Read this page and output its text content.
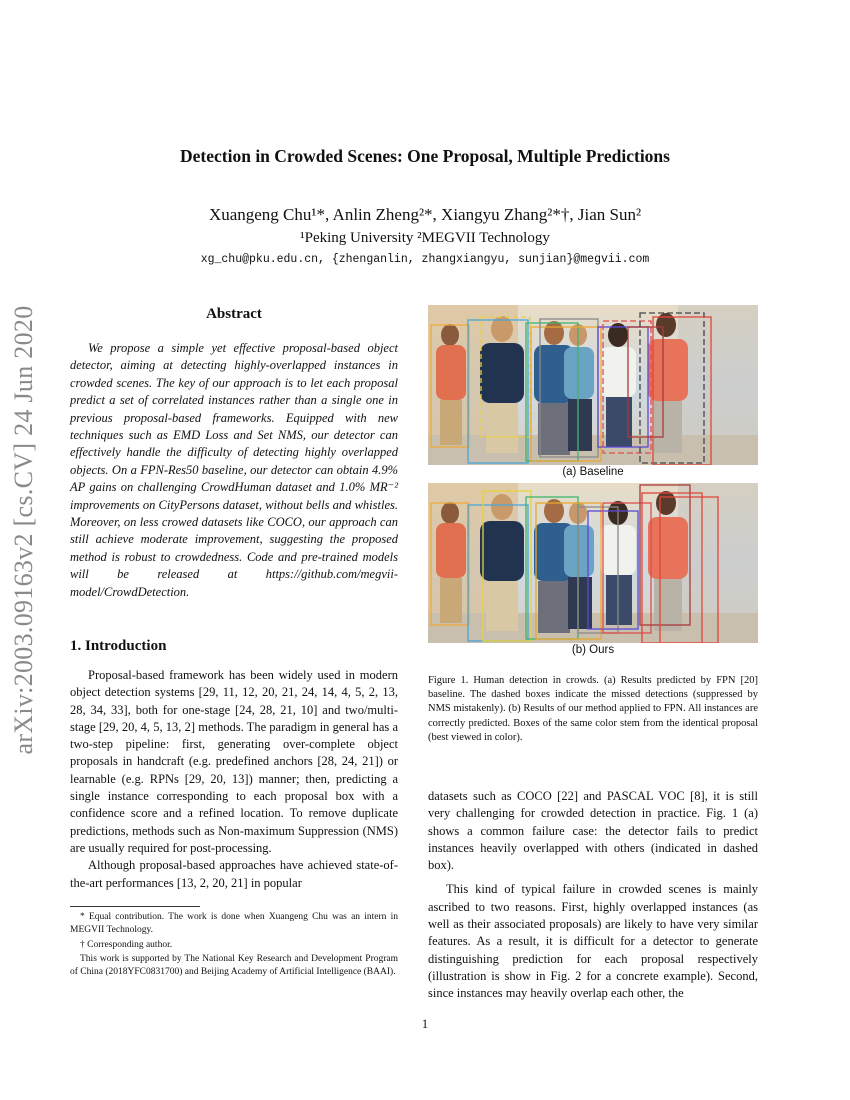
Detection in Crowded Scenes: One Proposal, Multiple Predictions
Xuangeng Chu¹*, Anlin Zheng²*, Xiangyu Zhang²*†, Jian Sun²
¹Peking University ²MEGVII Technology
xg_chu@pku.edu.cn, {zhenganlin, zhangxiangyu, sunjian}@megvii.com
arXiv:2003.09163v2 [cs.CV] 24 Jun 2020	Abstract

We propose a simple yet effective proposal-based object detector, aiming at detecting highly-overlapped instances in crowded scenes. The key of our approach is to let each proposal predict a set of correlated instances rather than a single one in previous proposal-based frameworks. Equipped with new techniques such as EMD Loss and Set NMS, our detector can effectively handle the difficulty of detecting highly overlapped objects. On a FPN-Res50 baseline, our detector can obtain 4.9% AP gains on challenging CrowdHuman dataset and 1.0% MR⁻² improvements on CityPersons dataset, without bells and whistles. Moreover, on less crowed datasets like COCO, our approach can still achieve moderate improvement, suggesting the proposed method is robust to crowdedness. Code and pre-trained models will be released at https://github.com/megvii-model/CrowdDetection.

1. Introduction

Proposal-based framework has been widely used in modern object detection systems [29, 11, 12, 20, 21, 24, 14, 4, 5, 2, 13, 28, 34, 33], both for one-stage [24, 28, 21, 10] and two/multi-stage [29, 20, 4, 5, 13, 2] methods. The paradigm in general has a two-step pipeline: first, generating over-complete object proposals in handcraft (e.g. predefined anchors [28, 24, 21]) or learnable (e.g. RPNs [29, 20, 13]) manner; then, predicting a single instance corresponding to each proposal box with a confidence score and a refined location. To remove duplicate predictions, methods such as Non-maximum Suppression (NMS) are usually required for post-processing.

Although proposal-based approaches have achieved state-of-the-art performances [13, 2, 20, 21] in popular

* Equal contribution. The work is done when Xuangeng Chu was an intern in MEGVII Technology.

† Corresponding author.

This work is supported by The National Key Research and Development Program of China (2018YFC0831700) and Beijing Academy of Artificial Intelligence (BAAI).

(a) Baseline
(b) Ours
Figure 1. Human detection in crowds. (a) Results predicted by FPN [20] baseline. The dashed boxes indicate the missed detections (suppressed by NMS mistakenly). (b) Results of our method applied to FPN. All instances are correctly predicted. Boxes of the same color stem from the identical proposal (best viewed in color).

datasets such as COCO [22] and PASCAL VOC [8], it is still very challenging for crowded detection in practice. Fig. 1 (a) shows a common failure case: the detector fails to predict instances heavily overlapped with others (indicated in dashed box).

This kind of typical failure in crowded scenes is mainly ascribed to two reasons. First, highly overlapped instances (as well as their associated proposals) are likely to have very similar features. As a result, it is difficult for a detector to generate distinguishing prediction for each proposal respectively (illustration is show in Fig. 2 for a concrete example). Second, since instances may heavily overlap each other, the

1
